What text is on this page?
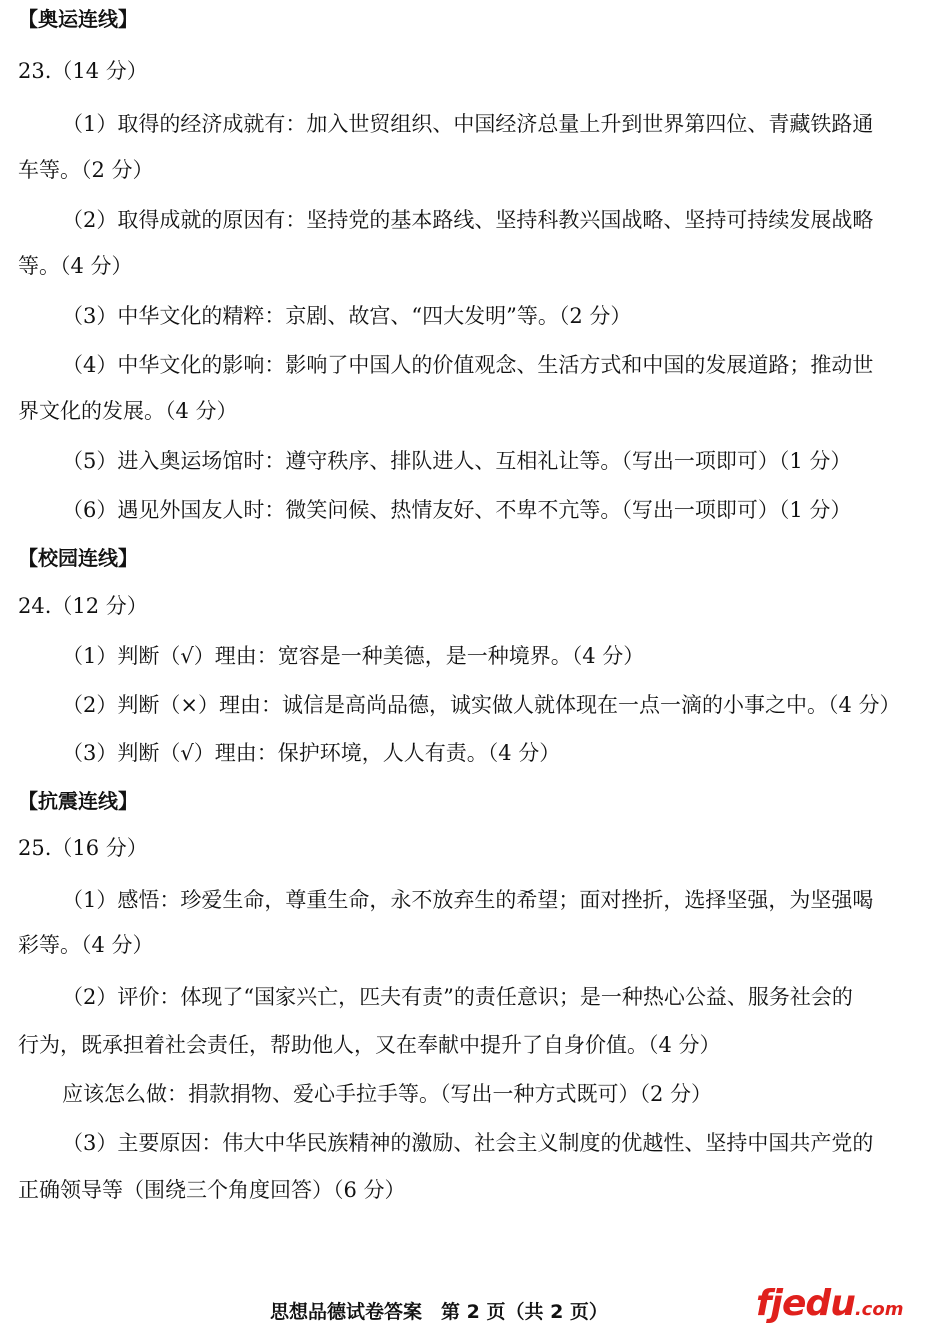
【奥运连线】
23.（14 分）
（1）取得的经济成就有：加入世贸组织、中国经济总量上升到世界第四位、青藏铁路通
车等。（2 分）
（2）取得成就的原因有：坚持党的基本路线、坚持科教兴国战略、坚持可持续发展战略
等。（4 分）
（3）中华文化的精粹：京剧、故宫、“四大发明”等。（2 分）
（4）中华文化的影响：影响了中国人的价值观念、生活方式和中国的发展道路；推动世
界文化的发展。（4 分）
（5）进入奥运场馆时：遵守秩序、排队进人、互相礼让等。（写出一项即可）（1 分）
（6）遇见外国友人时：微笑问候、热情友好、不卑不亢等。（写出一项即可）（1 分）
【校园连线】
24.（12 分）
（1）判断（√）理由：宽容是一种美德，是一种境界。（4 分）
（2）判断（×）理由：诚信是高尚品德，诚实做人就体现在一点一滴的小事之中。（4 分）
（3）判断（√）理由：保护环境，人人有责。（4 分）
【抗震连线】
25.（16 分）
（1）感悟：珍爱生命，尊重生命，永不放弃生的希望；面对挫折，选择坚强，为坚强喝
彩等。（4 分）
（2）评价：体现了“国家兴亡，匹夫有责”的责任意识；是一种热心公益、服务社会的
行为，既承担着社会责任，帮助他人，又在奉献中提升了自身价值。（4 分）
应该怎么做：捐款捐物、爱心手拉手等。（写出一种方式既可）（2 分）
（3）主要原因：伟大中华民族精神的激励、社会主义制度的优越性、坚持中国共产党的
正确领导等（围绕三个角度回答）（6 分）
思想品德试卷答案　第 2 页（共 2 页）	fjedu.com
